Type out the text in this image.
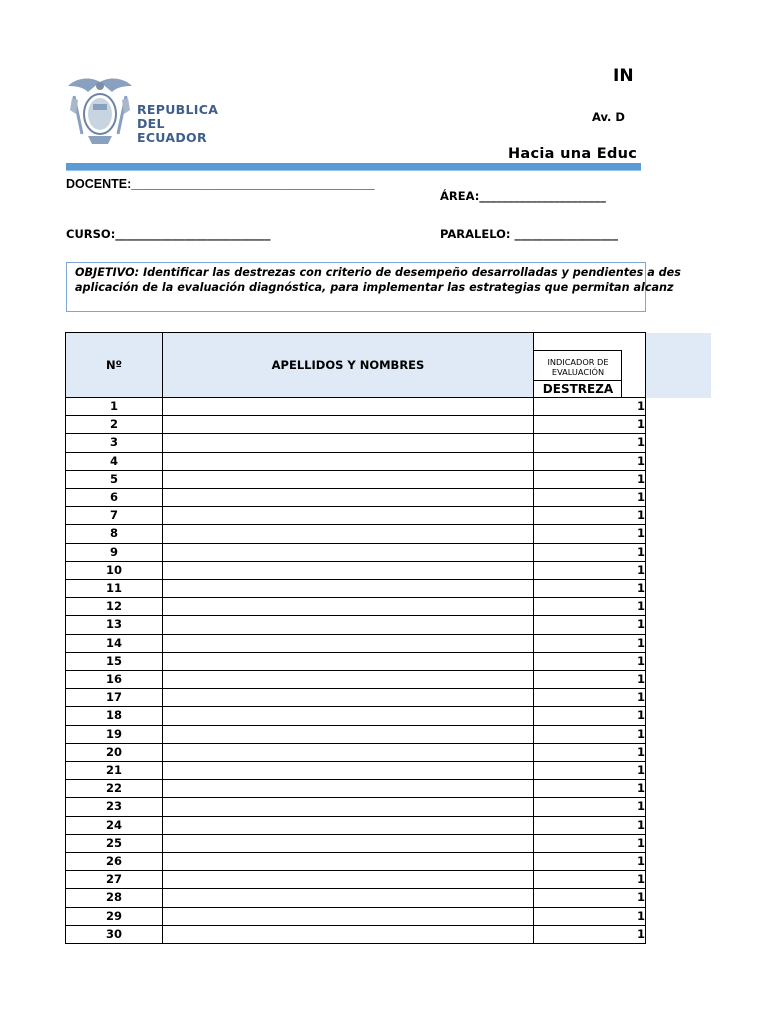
REPUBLICA
DEL ECUADOR
IN
Av. D
Hacia una Educ
DOCENTE:___________________________________
ÁREA:______________________
CURSO:___________________________	PARALELO: __________________
OBJETIVO: Identificar las destrezas con criterio de desempeño desarrolladas y pendientes a des
aplicación de la evaluación diagnóstica, para implementar las estrategias que permitan alcanz
Nº	APELLIDOS Y NOMBRES	INDICADOR DE EVALUACIÓN
DESTREZA

1		1
2		1
3		1
4		1
5		1
6		1
7		1
8		1
9		1
10		1
11		1
12		1
13		1
14		1
15		1
16		1
17		1
18		1
19		1
20		1
21		1
22		1
23		1
24		1
25		1
26		1
27		1
28		1
29		1
30		1
